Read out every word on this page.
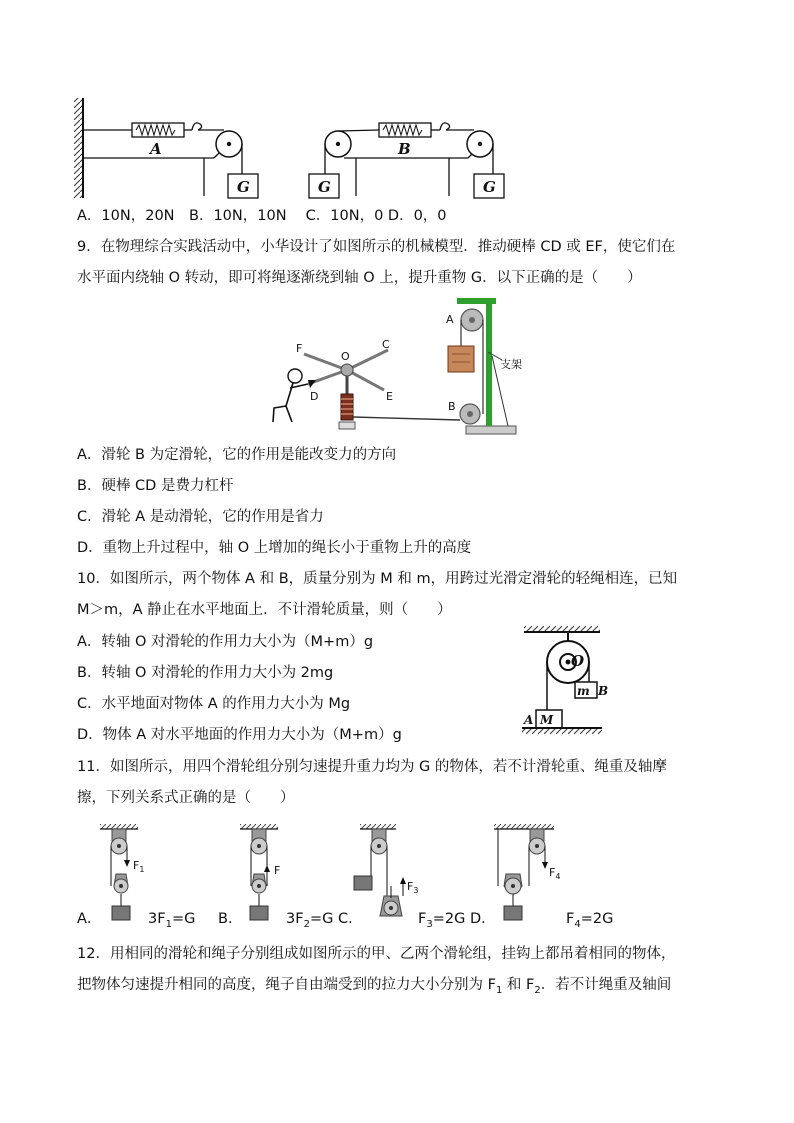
A
G	G
B
G
A．10N，20N　B．10N，10N　 C．10N，0 D．0，0
9．在物理综合实践活动中，小华设计了如图所示的机械模型．推动硬棒 CD 或 EF，使它们在
水平面内绕轴 O 转动，即可将绳逐渐绕到轴 O 上，提升重物 G．以下正确的是（　　）
F
O
C
D	E
支架
A
B
A．滑轮 B 为定滑轮，它的作用是能改变力的方向
B．硬棒 CD 是费力杠杆
C．滑轮 A 是动滑轮，它的作用是省力
D．重物上升过程中，轴 O 上增加的绳长小于重物上升的高度
10．如图所示，两个物体 A 和 B，质量分别为 M 和 m，用跨过光滑定滑轮的轻绳相连，已知
M＞m，A 静止在水平地面上．不计滑轮质量，则（　　）
A．转轴 O 对滑轮的作用力大小为（M+m）g
B．转轴 O 对滑轮的作用力大小为 2mg
C．水平地面对物体 A 的作用力大小为 Mg
D．物体 A 对水平地面的作用力大小为（M+m）g
O
m B
M
A
11．如图所示，用四个滑轮组分别匀速提升重力均为 G 的物体，若不计滑轮重、绳重及轴摩
擦，下列关系式正确的是（　　）
$F_1$	F
$F_3$
$F_4$
A．	$3F_1=G$ B．	$3F_2=G$ C．	$F_3=2G$ D．	$F_4=2G$
12．用相同的滑轮和绳子分别组成如图所示的甲、乙两个滑轮组，挂钩上都吊着相同的物体，
把物体匀速提升相同的高度，绳子自由端受到的拉力大小分别为 $F_1$ 和 $F_2$．若不计绳重及轴间
